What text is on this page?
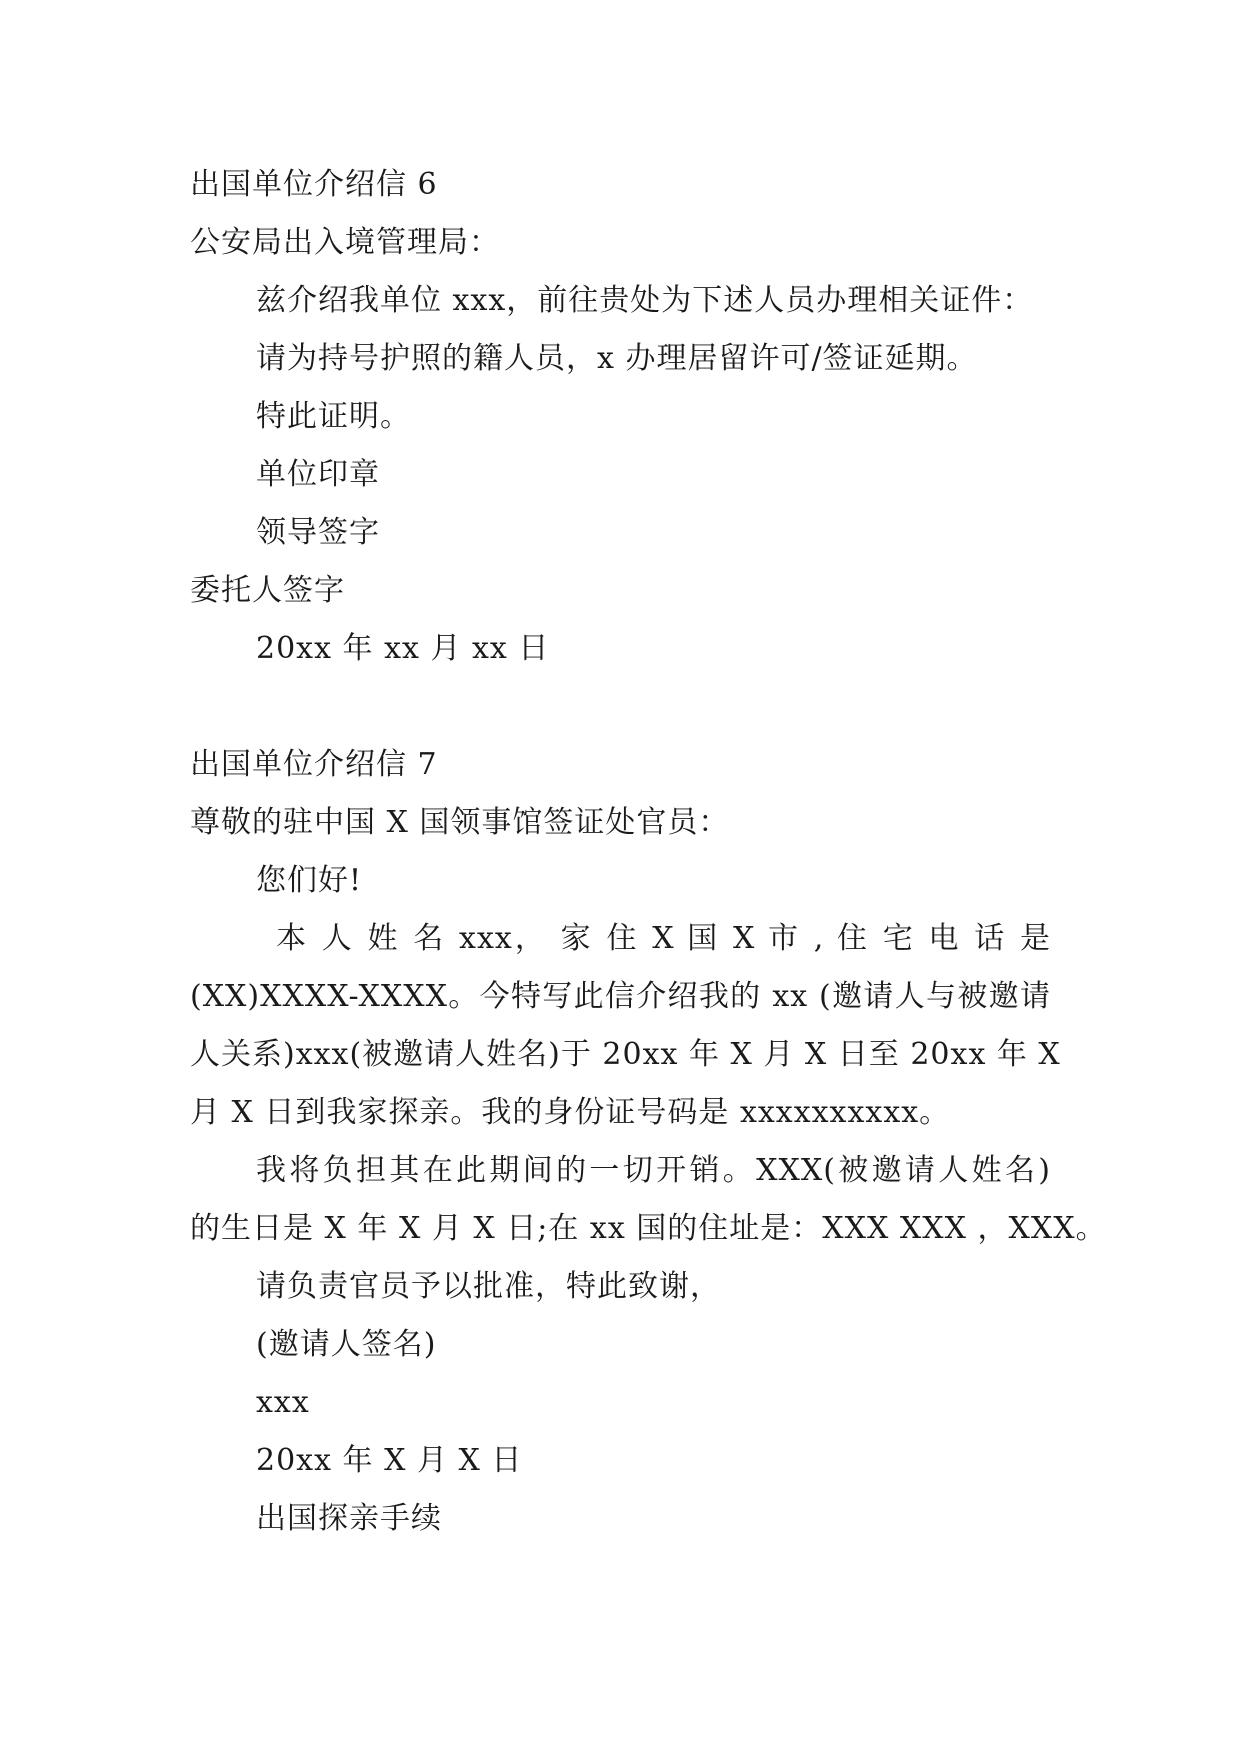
出国单位介绍信 6
公安局出入境管理局：
兹介绍我单位 xxx，前往贵处为下述人员办理相关证件：
请为持号护照的籍人员，x 办理居留许可/签证延期。
特此证明。
单位印章
领导签字
委托人签字
20xx 年 xx 月 xx 日
出国单位介绍信 7
尊敬的驻中国 X 国领事馆签证处官员：
您们好!
本 人 姓 名 xxx， 家 住 X 国 X 市 , 住 宅 电 话 是
(XX)XXXX-XXXX。今特写此信介绍我的 xx (邀请人与被邀请
人关系)xxx(被邀请人姓名)于 20xx 年 X 月 X 日至 20xx 年 X
月 X 日到我家探亲。我的身份证号码是 xxxxxxxxxx。
我将负担其在此期间的一切开销。XXX(被邀请人姓名)
的生日是 X 年 X 月 X 日;在 xx 国的住址是：XXX XXX ，XXX。
请负责官员予以批准，特此致谢，
(邀请人签名)
xxx
20xx 年 X 月 X 日
出国探亲手续
